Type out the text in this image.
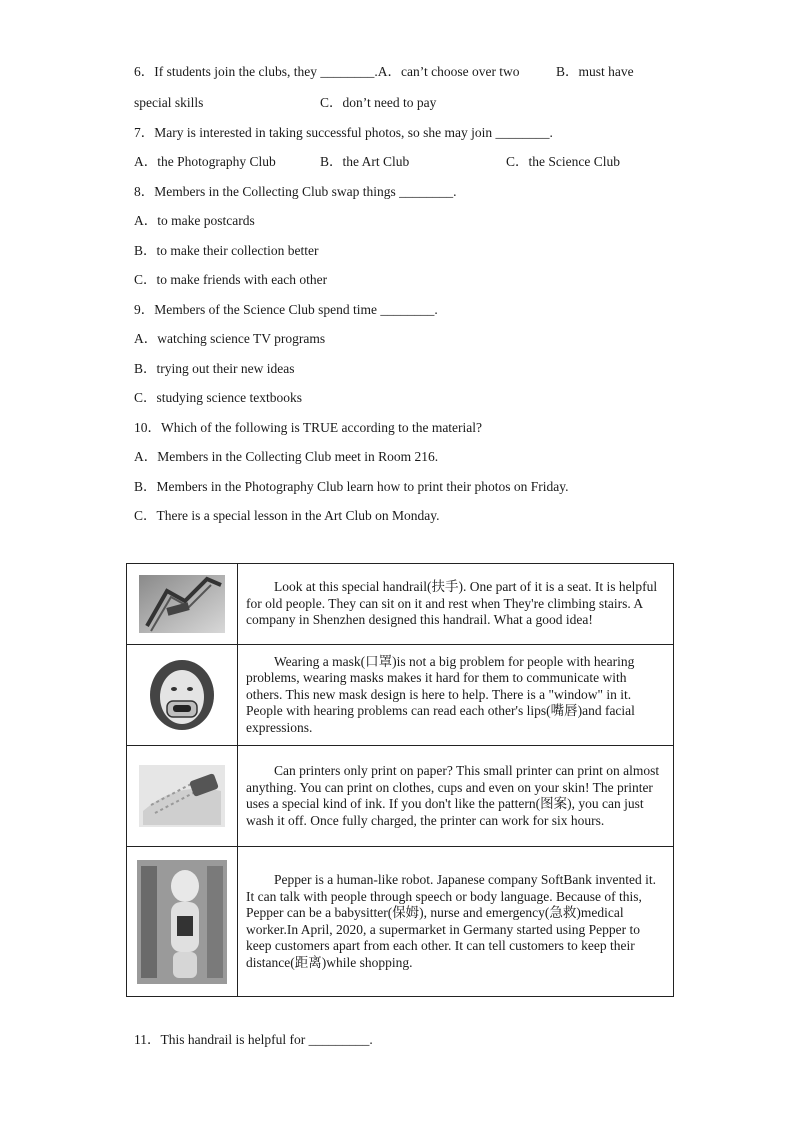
6．If students join the clubs, they ________.A．can’t choose over two	B．must have
special skills	C．don’t need to pay
7．Mary is interested in taking successful photos, so she may join ________.
A．the Photography Club	B．the Art Club	C．the Science Club
8．Members in the Collecting Club swap things ________.
A．to make postcards
B．to make their collection better
C．to make friends with each other
9．Members of the Science Club spend time ________.
A．watching science TV programs
B．trying out their new ideas
C．studying science textbooks
10．Which of the following is TRUE according to the material?
A．Members in the Collecting Club meet in Room 216.
B．Members in the Photography Club learn how to print their photos on Friday.
C．There is a special lesson in the Art Club on Monday.

Look at this special handrail(扶手). One part of it is a seat. It is helpful for old people. They can sit on it and rest when They're climbing stairs. A company in Shenzhen designed this handrail. What a good idea!

Wearing a mask(口罩)is not a big problem for people with hearing problems, wearing masks makes it hard for them to communicate with others. This new mask design is here to help. There is a "window" in it. People with hearing problems can read each other's lips(嘴唇)and facial expressions.

Can printers only print on paper? This small printer can print on almost anything. You can print on clothes, cups and even on your skin! The printer uses a special kind of ink. If you don't like the pattern(图案), you can just wash it off. Once fully charged, the printer can work for six hours.

Pepper is a human-like robot. Japanese company SoftBank invented it. It can talk with people through speech or body language. Because of this, Pepper can be a babysitter(保姆), nurse and emergency(急救)medical worker.In April, 2020, a supermarket in Germany started using Pepper to keep customers apart from each other. It can tell customers to keep their distance(距离)while shopping.
11．This handrail is helpful for _________.
